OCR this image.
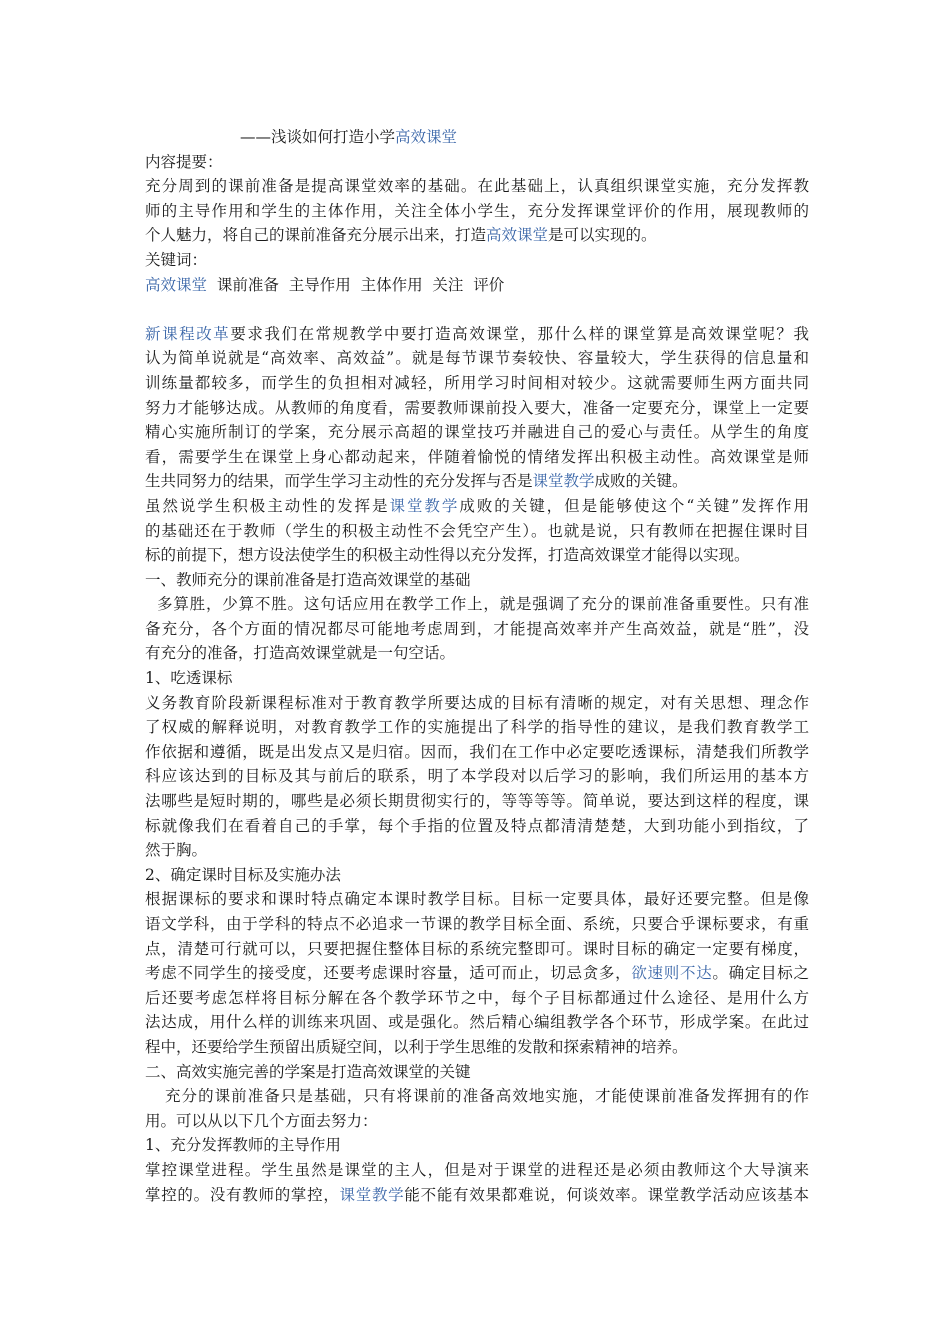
——浅谈如何打造小学高效课堂
内容提要：
充分周到的课前准备是提高课堂效率的基础。在此基础上，认真组织课堂实施，充分发挥教
师的主导作用和学生的主体作用，关注全体小学生，充分发挥课堂评价的作用，展现教师的
个人魅力，将自己的课前准备充分展示出来，打造高效课堂是可以实现的。
关键词：
高效课堂  课前准备  主导作用  主体作用  关注  评价
新课程改革要求我们在常规教学中要打造高效课堂，那什么样的课堂算是高效课堂呢？我
认为简单说就是“高效率、高效益”。就是每节课节奏较快、容量较大，学生获得的信息量和
训练量都较多，而学生的负担相对减轻，所用学习时间相对较少。这就需要师生两方面共同
努力才能够达成。从教师的角度看，需要教师课前投入要大，准备一定要充分，课堂上一定要
精心实施所制订的学案，充分展示高超的课堂技巧并融进自己的爱心与责任。从学生的角度
看，需要学生在课堂上身心都动起来，伴随着愉悦的情绪发挥出积极主动性。高效课堂是师
生共同努力的结果，而学生学习主动性的充分发挥与否是课堂教学成败的关键。
虽然说学生积极主动性的发挥是课堂教学成败的关键，但是能够使这个“关键”发挥作用
的基础还在于教师（学生的积极主动性不会凭空产生）。也就是说，只有教师在把握住课时目
标的前提下，想方设法使学生的积极主动性得以充分发挥，打造高效课堂才能得以实现。
一、教师充分的课前准备是打造高效课堂的基础
多算胜，少算不胜。这句话应用在教学工作上，就是强调了充分的课前准备重要性。只有准
备充分，各个方面的情况都尽可能地考虑周到，才能提高效率并产生高效益，就是“胜”，没
有充分的准备，打造高效课堂就是一句空话。
1、吃透课标
义务教育阶段新课程标准对于教育教学所要达成的目标有清晰的规定，对有关思想、理念作
了权威的解释说明，对教育教学工作的实施提出了科学的指导性的建议，是我们教育教学工
作依据和遵循，既是出发点又是归宿。因而，我们在工作中必定要吃透课标，清楚我们所教学
科应该达到的目标及其与前后的联系，明了本学段对以后学习的影响，我们所运用的基本方
法哪些是短时期的，哪些是必须长期贯彻实行的，等等等等。简单说，要达到这样的程度，课
标就像我们在看着自己的手掌，每个手指的位置及特点都清清楚楚，大到功能小到指纹，了
然于胸。
2、确定课时目标及实施办法
根据课标的要求和课时特点确定本课时教学目标。目标一定要具体，最好还要完整。但是像
语文学科，由于学科的特点不必追求一节课的教学目标全面、系统，只要合乎课标要求，有重
点，清楚可行就可以，只要把握住整体目标的系统完整即可。课时目标的确定一定要有梯度，
考虑不同学生的接受度，还要考虑课时容量，适可而止，切忌贪多，欲速则不达。确定目标之
后还要考虑怎样将目标分解在各个教学环节之中，每个子目标都通过什么途径、是用什么方
法达成，用什么样的训练来巩固、或是强化。然后精心编组教学各个环节，形成学案。在此过
程中，还要给学生预留出质疑空间，以利于学生思维的发散和探索精神的培养。
二、高效实施完善的学案是打造高效课堂的关键
充分的课前准备只是基础，只有将课前的准备高效地实施，才能使课前准备发挥拥有的作
用。可以从以下几个方面去努力：
1、充分发挥教师的主导作用
掌控课堂进程。学生虽然是课堂的主人，但是对于课堂的进程还是必须由教师这个大导演来
掌控的。没有教师的掌控，课堂教学能不能有效果都难说，何谈效率。课堂教学活动应该基本
